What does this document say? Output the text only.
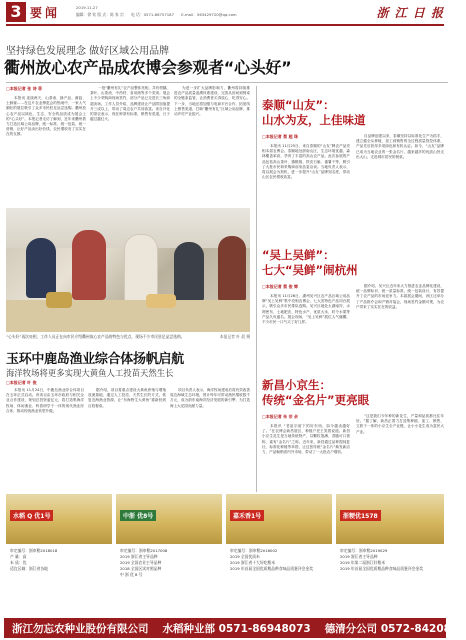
3 要闻	2019.11.27
编辑：徐 钦 版 式：陈 家 宗 电 话：0571-86757187 E-mail：563429720@qq.com	浙 江 日 报
坚持绿色发展理念 做好区域公用品牌
衢州放心农产品成农博会参观者“心头好”
□本报记者 张 诗 菲

本报讯 连续两天，山茶油、蜂产品、菌菇、土蜂蜜……在这片农业博览会的热闹中，一家人气颇旺的展位吸引了众多市民驻足品尝选购。衢州放心农产品以绿色、生态、安全的品质成为展会上的“心头好”。本报记者走访了解到，近年来衢州着力打造区域公用品牌，统一标准、统一包装、统一营销，让好产品卖出好价钱，农民增收有了实实在在的支撑。

一批“衢州有礼”农产品整体亮相，共有柑橘、茶叶、山茶油、中药材、食用菌等多个类别。展会上不少采购商现场签约，部分产品已走进长三角商超卖场。工作人员介绍，品牌建设让产品附加值提升三成以上，带动了周边农户共同致富。来自开化的茶农表示，现在种茶有标准，销售有渠道，日子越过越红火。

为进一步扩大品牌影响力，衢州将持续推进农产品质量追溯体系建设，完善从田间到餐桌的全链条监管，让消费者买得放心、吃得安心。下一步，当地还将加强与电商平台合作，拓宽线上销售渠道，打响“衢州有礼”区域公用品牌，推动乡村产业振兴。

“心头好”再次亮相，工作人员正在向市民介绍衢州放心农产品的特色与优点，现场不少市民驻足品尝选购。	本报记者 叶 晨 摄
玉环中鹿岛渔业综合体扬帆启航
海洋牧场将更多实现大黄鱼人工投苗天然生长
□本报记者 叶 俊

本报讯 11月24日，中鹿岛渔业综合体项目在玉环正式启动。该项目由玉环市政府与相关企业合作建设，规划总投资逾亿元，将打造集海洋牧场、休闲渔业、科普研学于一体的现代渔业综合体，推动传统渔业转型升级。

据介绍，项目将重点建设大黄鱼养殖与增殖放流基地，通过人工投苗、天然生长的方式，恢复近海渔业资源，让“东海野生大黄鱼”重新回到百姓餐桌。

项目负责人表示，海洋牧场建成后将有效改善周边海域生态环境，预计每年可带动渔民增收数千万元，成为浙东南海洋经济发展的新引擎，为打造海上大花园贡献力量。

泰顺“山友”：
山水为友，上佳味道
□本报记者 蔡 超 珠

本报讯 11月25日，来自泰顺的“山友”牌农产品亮相本届农博会。泰顺地处浙南山区，生态环境优越，森林覆盖率高，孕育了丰富的高山农产品。此次参展的产品包括高山茶叶、猕猴桃、铁皮石斛、番薯干等，吸引了大批市民和采购商前来品鉴洽谈。当地负责人表示，将以展会为契机，进一步提升“山友”品牌知名度，带动山区农民增收致富。

自品牌创建以来，泰顺坚持以标准化生产为抓手，建立健全从种植、加工到销售的全过程质量管控体系，产品先后获得多项绿色和有机认证。如今，“山友”品牌已成为当地农业的一张金名片，越来越多的优质山货走出大山，走进城市居民的餐桌。

“吴上吴鲜”：
七大“吴鲜”闹杭州
□本报记者 蔡 俊 辉

本报讯 11月26日，湖州吴兴区农产品区域公用品牌“吴上吴鲜”集中亮相农博会，七大类特色产品同台展示，吸引众多市民排队选购。吴兴区地处太湖南岸，水网密布、土地肥沃，特色水产、优质大米、时令水果等产品久负盛名。展会现场，“吴上吴鲜”展位人气爆棚，不少市民一口气买了好几样。

据介绍，吴兴区近年来大力推进农业品牌化建设，统一品牌标识，统一质量标准，统一包装设计，有效提升了农产品的市场竞争力。本届展会期间，该区还举办了产品推介会和产销对接会，现场签约金额可观，为农户带来了实实在在的收益。

新昌小京生：
传统“金名片”更亮眼
□本报记者 朱 宗 余

本报讯 “老祖宗留下的好东西，如今越卖越好了。”在农博会新昌展区，种植户老王笑着说道。新昌小京生花生是当地传统特产，以颗粒饱满、香脆可口著称，素有“金名片”之称。近年来，新昌通过品种提纯复壮、标准化种植等举措，让这张传统“金名片”焕发新活力，产品畅销省内外市场，带动了一大批农户增收。

“这是我们今年种的新花生，产量和品质都比往年好。”据了解，新昌正着力打造集种植、加工、销售、文旅于一体的小京生全产业链，让小小花生成为富民大产业。

水稻 Q 优1号
审定编号：浙审稻2018018
产 量：高
米 质：优
适宜区域：浙江省各地
中浙 优8号
审定编号：浙审稻2017008
2019 浙江省主导品种
2019 全国农业主导品种
2018 全国区试对照品种
中 浙 优 8 号
嘉禾香1号
审定编号：浙审稻2016002
2019 全国优质米
2019 浙江省十大好吃稻米
2019 年首届全国优质稻品种食味品质鉴评会金奖
浙粳优1578
审定编号：浙审稻2019029
2019 浙江省主导品种
2019 年第二届浙江好稻米
2019 年首届全国优质稻品种食味品质鉴评会金奖
浙江勿忘农种业股份有限公司 水稻种业部 0571-86948073 德清分公司 0572-8420830
